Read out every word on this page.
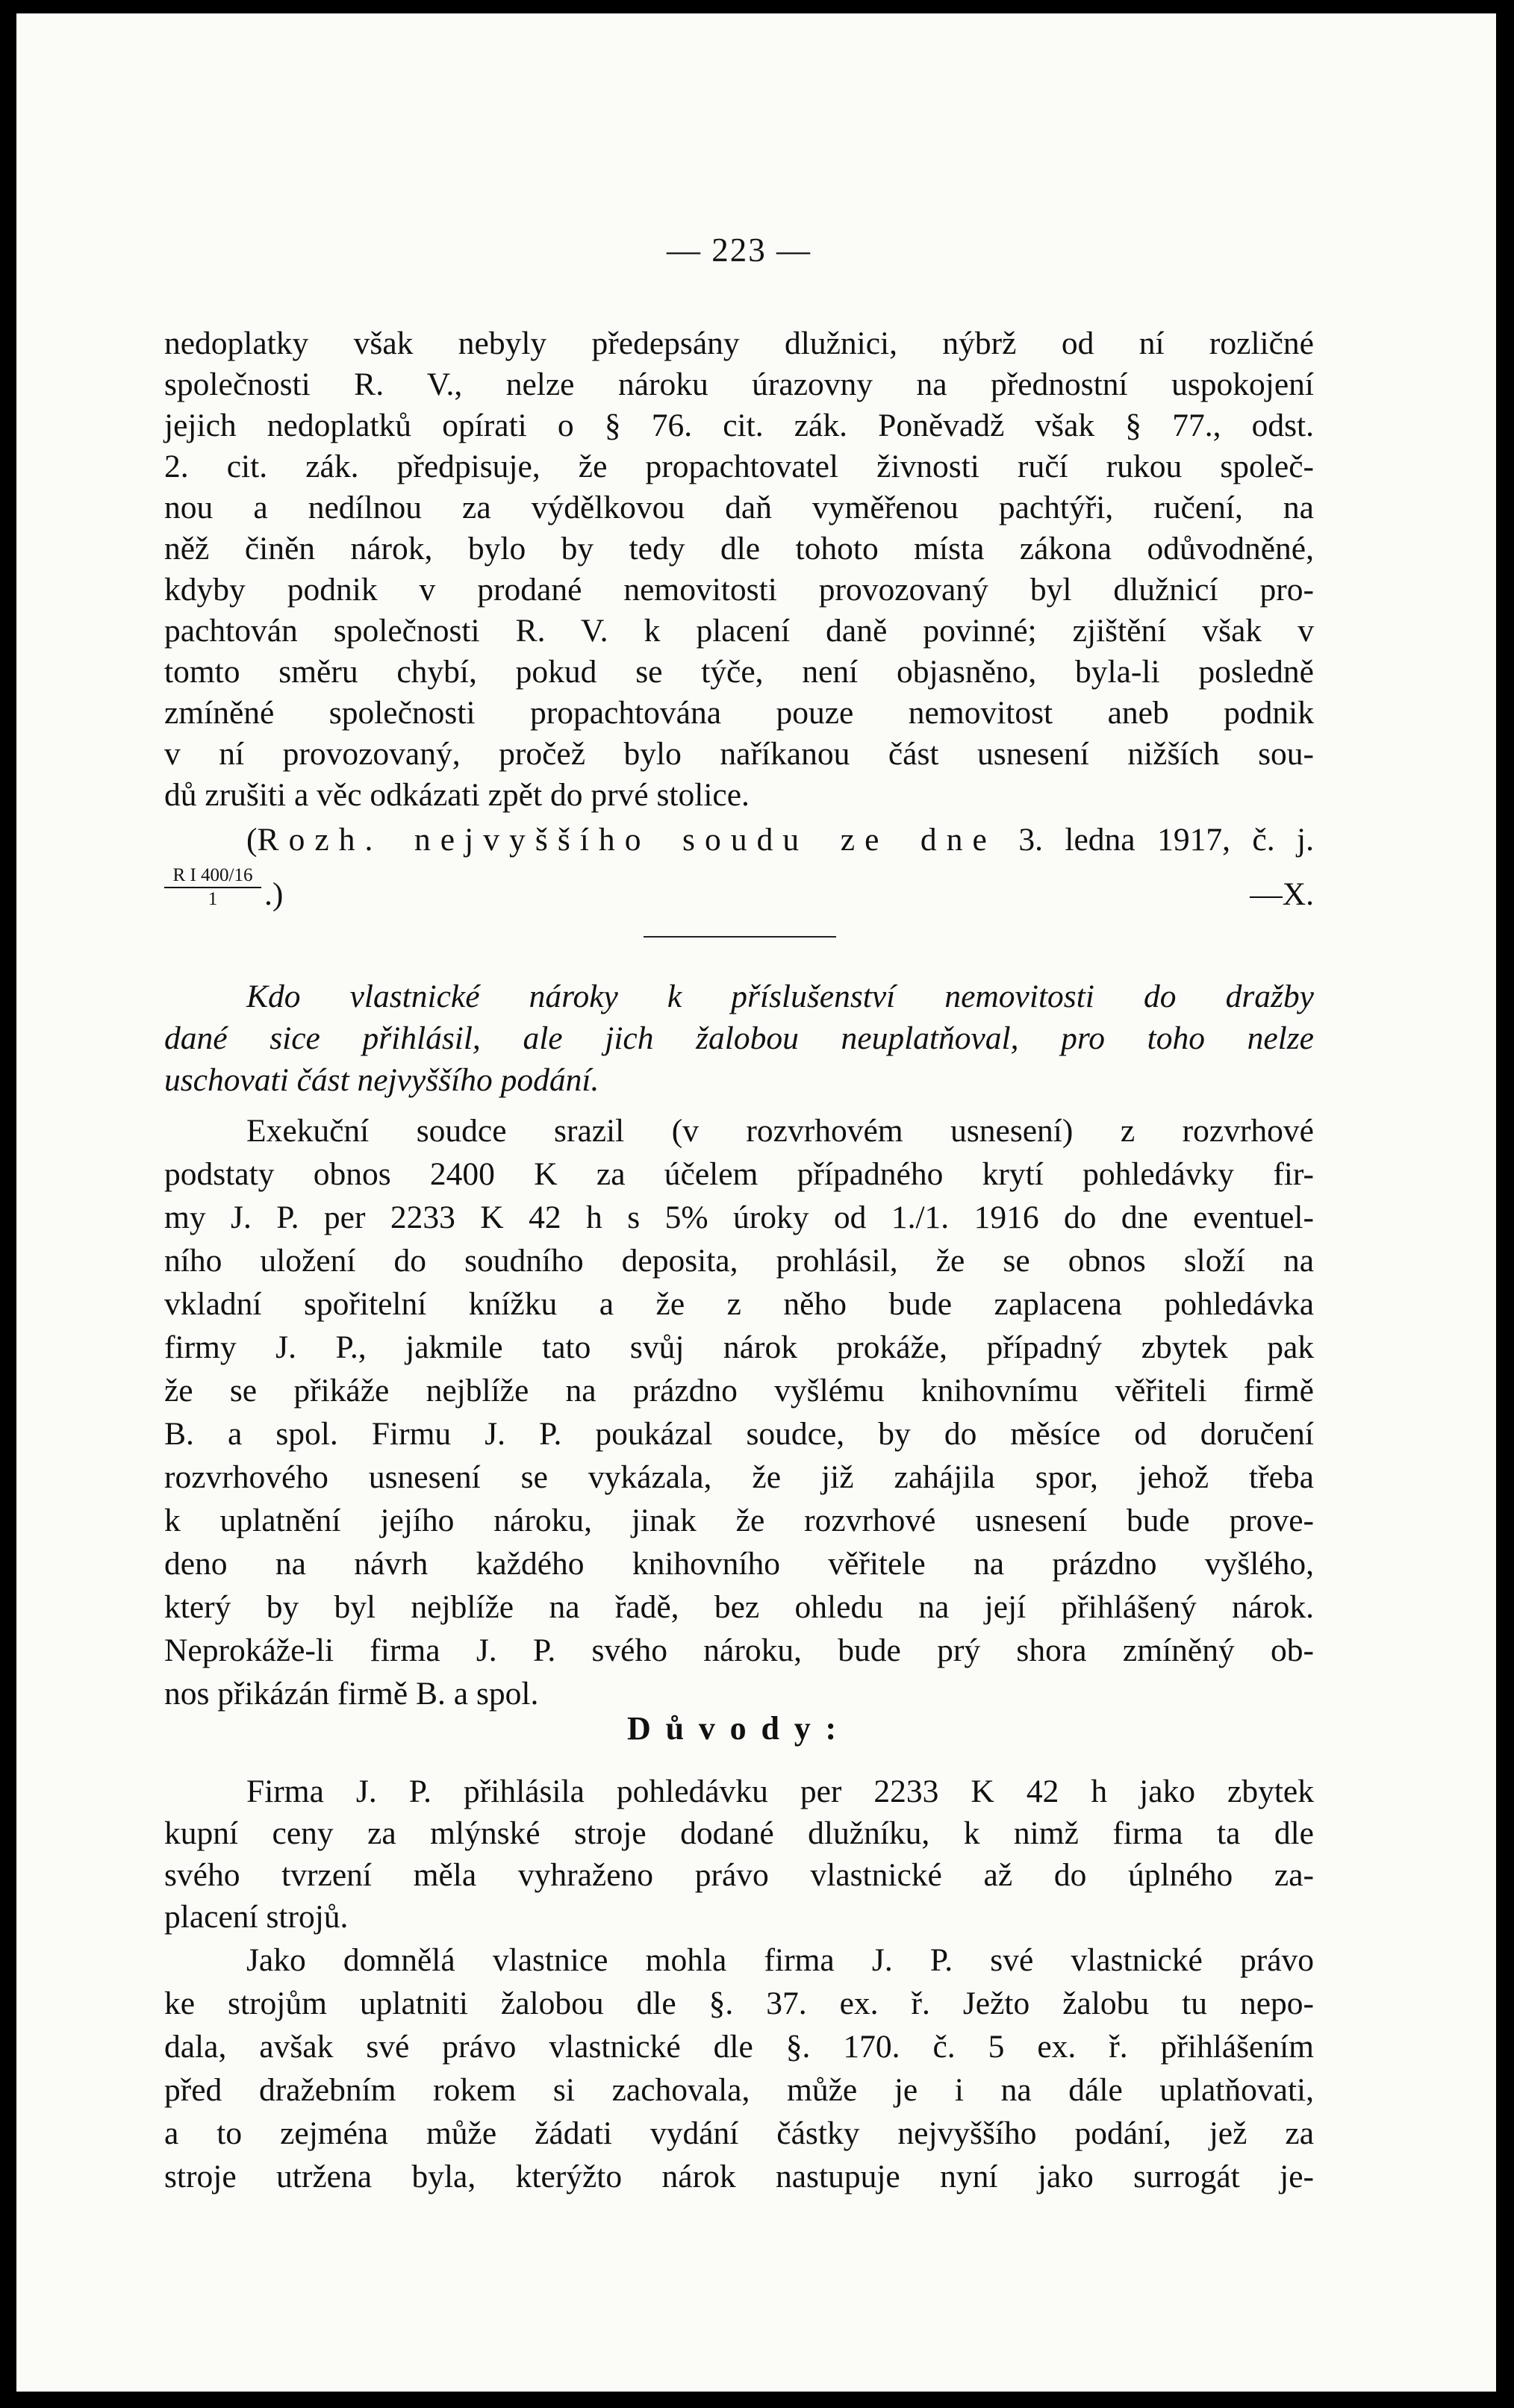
— 223 —
nedoplatky však nebyly předepsány dlužnici, nýbrž od ní rozličné
společnosti R. V., nelze nároku úrazovny na přednostní uspokojení
jejich nedoplatků opírati o § 76. cit. zák. Poněvadž však § 77., odst.
2. cit. zák. předpisuje, že propachtovatel živnosti ručí rukou společ-
nou a nedílnou za výdělkovou daň vyměřenou pachtýři, ručení, na
něž činěn nárok, bylo by tedy dle tohoto místa zákona odůvodněné,
kdyby podnik v prodané nemovitosti provozovaný byl dlužnicí pro-
pachtován společnosti R. V. k placení daně povinné; zjištění však v
tomto směru chybí, pokud se týče, není objasněno, byla-li posledně
zmíněné společnosti propachtována pouze nemovitost aneb podnik
v ní provozovaný, pročež bylo naříkanou část usnesení nižších sou-
dů zrušiti a věc odkázati zpět do prvé stolice.
(Rozh. nejvyššího soudu ze dne 3. ledna 1917, č. j.
$\frac{\text{R I 400/16}}{1}$ .)	—X.
Kdo vlastnické nároky k příslušenství nemovitosti do dražby
dané sice přihlásil, ale jich žalobou neuplatňoval, pro toho nelze
uschovati část nejvyššího podání.
Exekuční soudce srazil (v rozvrhovém usnesení) z rozvrhové
podstaty obnos 2400 K za účelem případného krytí pohledávky fir-
my J. P. per 2233 K 42 h s 5% úroky od 1./1. 1916 do dne eventuel-
ního uložení do soudního deposita, prohlásil, že se obnos složí na
vkladní spořitelní knížku a že z něho bude zaplacena pohledávka
firmy J. P., jakmile tato svůj nárok prokáže, případný zbytek pak
že se přikáže nejblíže na prázdno vyšlému knihovnímu věřiteli firmě
B. a spol. Firmu J. P. poukázal soudce, by do měsíce od doručení
rozvrhového usnesení se vykázala, že již zahájila spor, jehož třeba
k uplatnění jejího nároku, jinak že rozvrhové usnesení bude prove-
deno na návrh každého knihovního věřitele na prázdno vyšlého,
který by byl nejblíže na řadě, bez ohledu na její přihlášený nárok.
Neprokáže-li firma J. P. svého nároku, bude prý shora zmíněný ob-
nos přikázán firmě B. a spol.
Důvody:
Firma J. P. přihlásila pohledávku per 2233 K 42 h jako zbytek
kupní ceny za mlýnské stroje dodané dlužníku, k nimž firma ta dle
svého tvrzení měla vyhraženo právo vlastnické až do úplného za-
placení strojů.
Jako domnělá vlastnice mohla firma J. P. své vlastnické právo
ke strojům uplatniti žalobou dle §. 37. ex. ř. Ježto žalobu tu nepo-
dala, avšak své právo vlastnické dle §. 170. č. 5 ex. ř. přihlášením
před dražebním rokem si zachovala, může je i na dále uplatňovati,
a to zejména může žádati vydání částky nejvyššího podání, jež za
stroje utržena byla, kterýžto nárok nastupuje nyní jako surrogát je-
